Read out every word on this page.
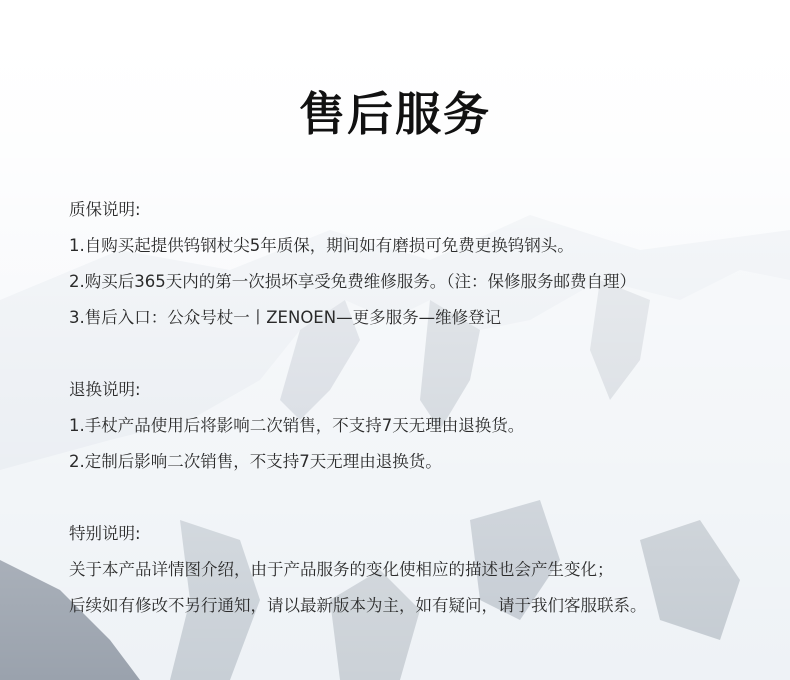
售后服务
质保说明:
1.自购买起提供钨钢杖尖5年质保，期间如有磨损可免费更换钨钢头。
2.购买后365天内的第一次损坏享受免费维修服务。（注：保修服务邮费自理）
3.售后入口：公众号杖一丨ZENOEN—更多服务—维修登记
退换说明:
1.手杖产品使用后将影响二次销售，不支持7天无理由退换货。
2.定制后影响二次销售，不支持7天无理由退换货。
特别说明:
关于本产品详情图介绍，由于产品服务的变化使相应的描述也会产生变化；
后续如有修改不另行通知，请以最新版本为主，如有疑问，请于我们客服联系。
